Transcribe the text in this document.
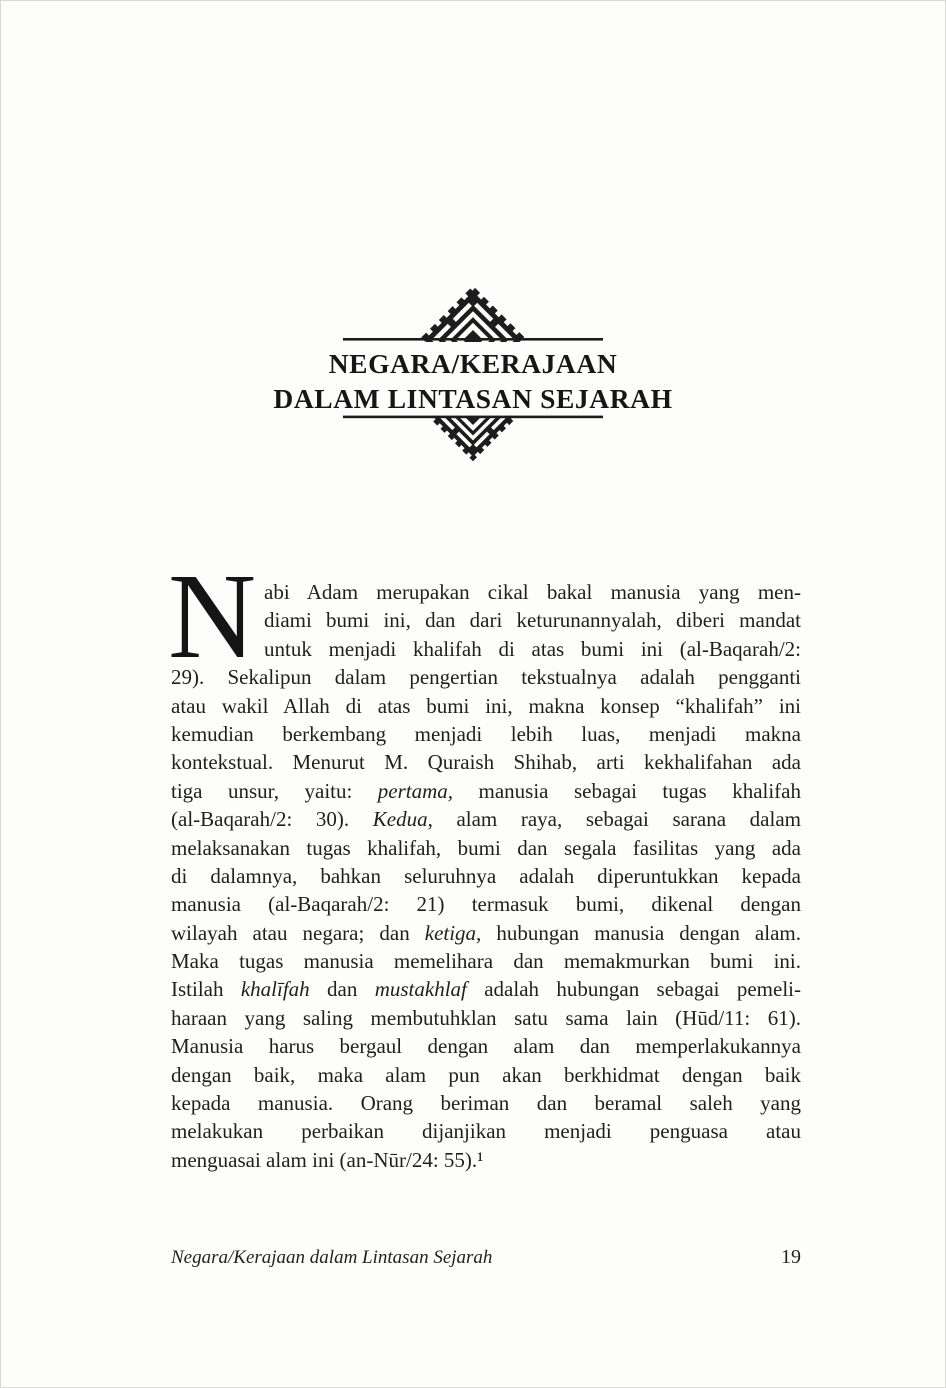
NEGARA/KERAJAAN
DALAM LINTASAN SEJARAH
N abi Adam merupakan cikal bakal manusia yang men-
diami bumi ini, dan dari keturunannyalah, diberi mandat
untuk menjadi khalifah di atas bumi ini (al-Baqarah/2:
29). Sekalipun dalam pengertian tekstualnya adalah pengganti
atau wakil Allah di atas bumi ini, makna konsep “khalifah” ini
kemudian berkembang menjadi lebih luas, menjadi makna
kontekstual. Menurut M. Quraish Shihab, arti kekhalifahan ada
tiga unsur, yaitu: pertama, manusia sebagai tugas khalifah
(al-Baqarah/2: 30). Kedua, alam raya, sebagai sarana dalam
melaksanakan tugas khalifah, bumi dan segala fasilitas yang ada
di dalamnya, bahkan seluruhnya adalah diperuntukkan kepada
manusia (al-Baqarah/2: 21) termasuk bumi, dikenal dengan
wilayah atau negara; dan ketiga, hubungan manusia dengan alam.
Maka tugas manusia memelihara dan memakmurkan bumi ini.
Istilah khalīfah dan mustakhlaf adalah hubungan sebagai pemeli-
haraan yang saling membutuhklan satu sama lain (Hūd/11: 61).
Manusia harus bergaul dengan alam dan memperlakukannya
dengan baik, maka alam pun akan berkhidmat dengan baik
kepada manusia. Orang beriman dan beramal saleh yang
melakukan perbaikan dijanjikan menjadi penguasa atau
menguasai alam ini (an-Nūr/24: 55).¹
Negara/Kerajaan dalam Lintasan Sejarah	19
